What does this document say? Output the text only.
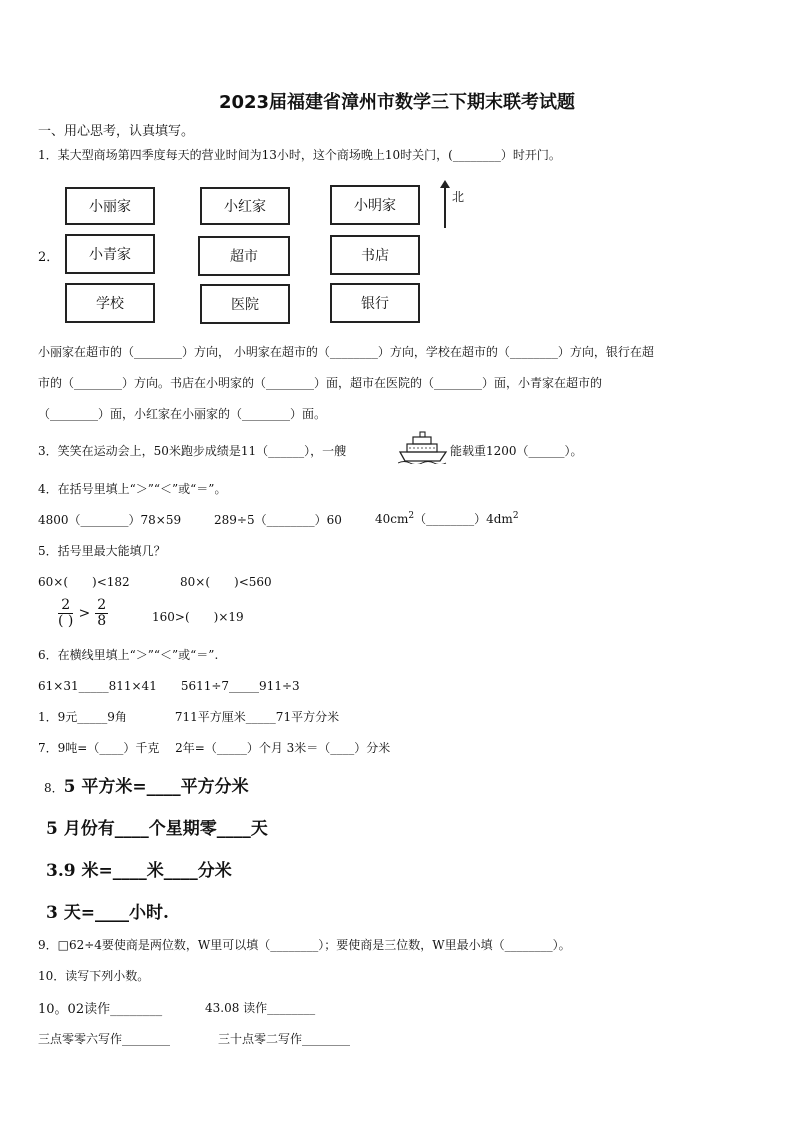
2023届福建省漳州市数学三下期末联考试题
一、用心思考，认真填写。
1．某大型商场第四季度每天的营业时间为13小时，这个商场晚上10时关门，(________）时开门。
2．
小丽家	小红家	小明家
小青家	超市	书店
学校	医院	银行
北
小丽家在超市的（________）方向， 小明家在超市的（________）方向，学校在超市的（________）方向，银行在超
市的（________）方向。书店在小明家的（________）面，超市在医院的（________）面，小青家在超市的
（________）面，小红家在小丽家的（________）面。
3．笑笑在运动会上，50米跑步成绩是11（______），一艘	能载重1200（______）。
4．在括号里填上“＞”“＜”或“＝”。
4800（________）78×59	289÷5（________）60	$40cm^2(\_\_\_\_\_\_\_\_)4dm^2$
5．括号里最大能填几？
60×(　　)<182	80×(　　)<560
$\frac{2}{( )} > \frac{2}{8}$	160>(　　)×19
6．在横线里填上“＞”“＜”或“＝”.
61×31_____811×41　　5611÷7_____911÷3
1．9元_____9角　　　　711平方厘米_____71平方分米
7．9吨=（____）千克　 2年=（_____）个月 3米＝（____）分米
8．5 平方米=____平方分米
5 月份有____个星期零____天
3.9 米=____米____分米
3 天=____小时.
9．□62÷4要使商是两位数，W里可以填（________）；要使商是三位数，W里最小填（________）。
10．读写下列小数。
10。02读作________	43.08 读作________
三点零零六写作________	三十点零二写作________
